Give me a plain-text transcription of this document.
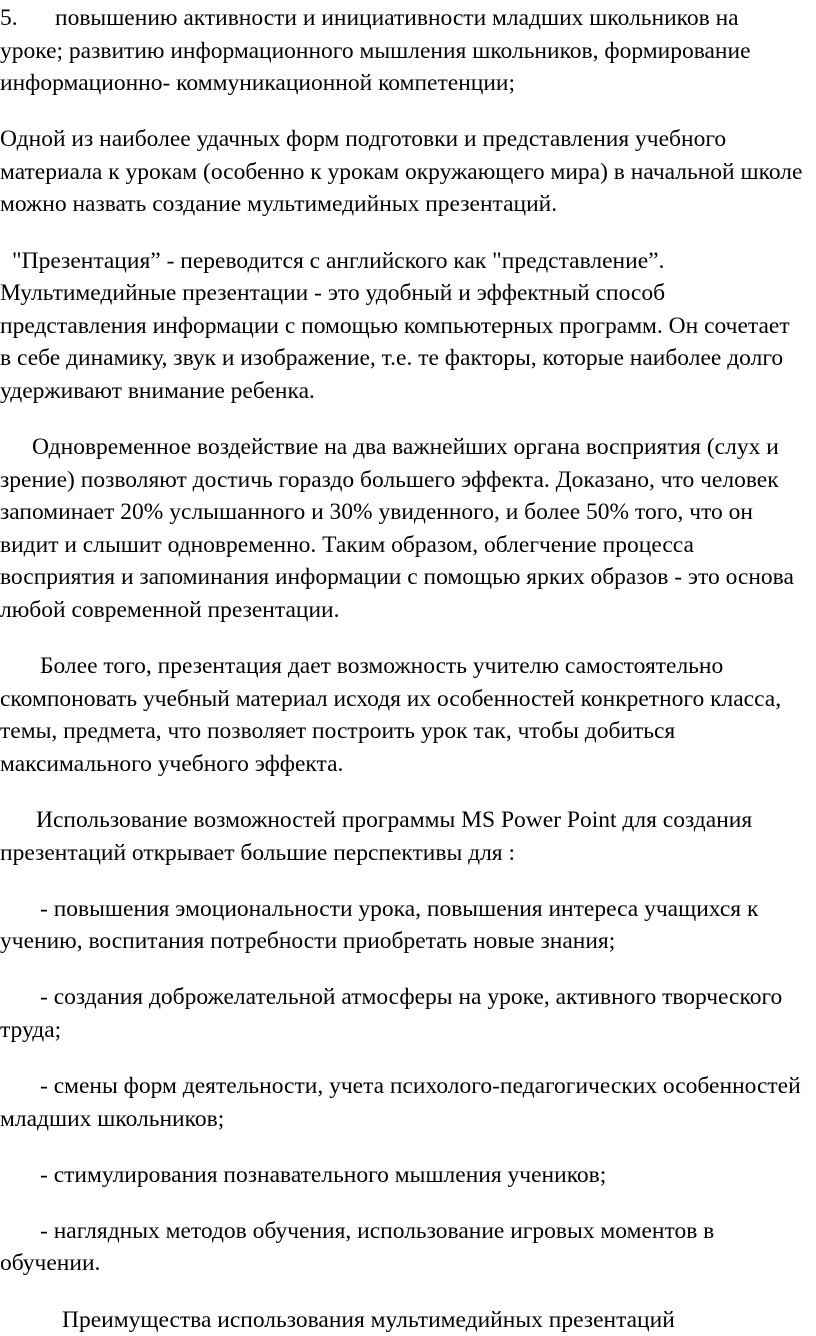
5. повышению активности и инициативности младших школьников на уроке; развитию информационного мышления школьников, формирование информационно- коммуникационной компетенции;

Одной из наиболее удачных форм подготовки и представления учебного материала к урокам (особенно к урокам окружающего мира) в начальной школе можно назвать создание мультимедийных презентаций.

"Презентация” - переводится с английского как "представление”. Мультимедийные презентации - это удобный и эффектный способ представления информации с помощью компьютерных программ. Он сочетает в себе динамику, звук и изображение, т.е. те факторы, которые наиболее долго удерживают внимание ребенка.

Одновременное воздействие на два важнейших органа восприятия (слух и зрение) позволяют достичь гораздо большего эффекта. Доказано, что человек запоминает 20% услышанного и 30% увиденного, и более 50% того, что он видит и слышит одновременно. Таким образом, облегчение процесса восприятия и запоминания информации с помощью ярких образов - это основа любой современной презентации.

Более того, презентация дает возможность учителю самостоятельно скомпоновать учебный материал исходя их особенностей конкретного класса, темы, предмета, что позволяет построить урок так, чтобы добиться максимального учебного эффекта.

Использование возможностей программы MS Power Point для создания презентаций открывает большие перспективы для :

- повышения эмоциональности урока, повышения интереса учащихся к учению, воспитания потребности приобретать новые знания;

- создания доброжелательной атмосферы на уроке, активного творческого труда;

- смены форм деятельности, учета психолого-педагогических особенностей младших школьников;

- стимулирования познавательного мышления учеников;

- наглядных методов обучения, использование игровых моментов в обучении.

Преимущества использования мультимедийных презентаций
